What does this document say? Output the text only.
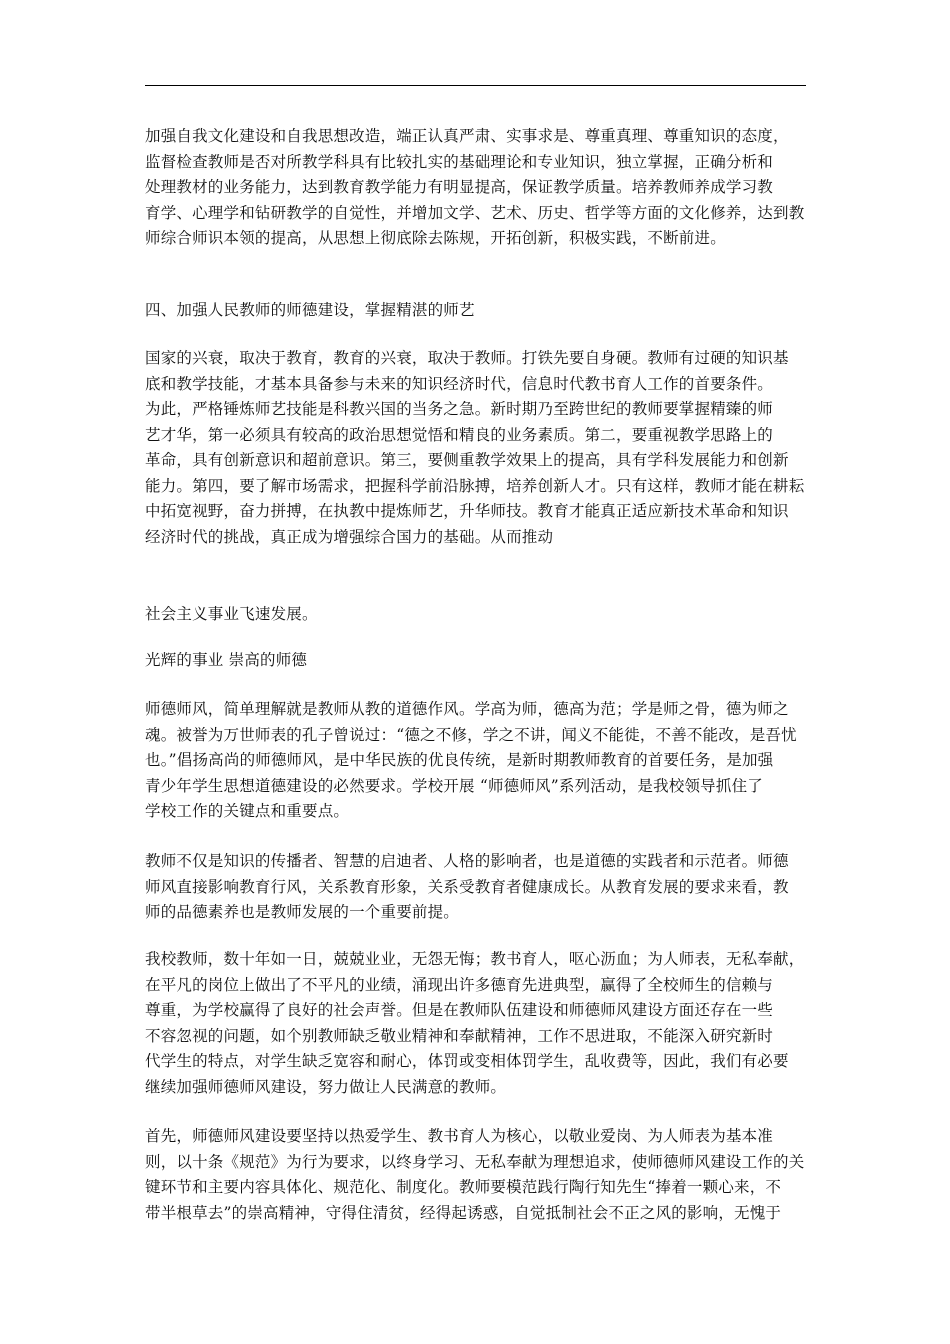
加强自我文化建设和自我思想改造，端正认真严肃、实事求是、尊重真理、尊重知识的态度，
监督检查教师是否对所教学科具有比较扎实的基础理论和专业知识，独立掌握，正确分析和
处理教材的业务能力，达到教育教学能力有明显提高，保证教学质量。培养教师养成学习教
育学、心理学和钻研教学的自觉性，并增加文学、艺术、历史、哲学等方面的文化修养，达到教
师综合师识本领的提高，从思想上彻底除去陈规，开拓创新，积极实践，不断前进。
四、加强人民教师的师德建设，掌握精湛的师艺
国家的兴衰，取决于教育，教育的兴衰，取决于教师。打铁先要自身硬。教师有过硬的知识基
底和教学技能，才基本具备参与未来的知识经济时代，信息时代教书育人工作的首要条件。
为此，严格锤炼师艺技能是科教兴国的当务之急。新时期乃至跨世纪的教师要掌握精臻的师
艺才华，第一必须具有较高的政治思想觉悟和精良的业务素质。第二，要重视教学思路上的
革命，具有创新意识和超前意识。第三，要侧重教学效果上的提高，具有学科发展能力和创新
能力。第四，要了解市场需求，把握科学前沿脉搏，培养创新人才。只有这样，教师才能在耕耘
中拓宽视野，奋力拼搏，在执教中提炼师艺，升华师技。教育才能真正适应新技术革命和知识
经济时代的挑战，真正成为增强综合国力的基础。从而推动
社会主义事业飞速发展。
光辉的事业 崇高的师德
师德师风，简单理解就是教师从教的道德作风。学高为师，德高为范；学是师之骨，德为师之
魂。被誉为万世师表的孔子曾说过：“德之不修，学之不讲，闻义不能徙，不善不能改，是吾忧
也。”倡扬高尚的师德师风，是中华民族的优良传统，是新时期教师教育的首要任务，是加强
青少年学生思想道德建设的必然要求。学校开展 “师德师风”系列活动，是我校领导抓住了
学校工作的关键点和重要点。
教师不仅是知识的传播者、智慧的启迪者、人格的影响者，也是道德的实践者和示范者。师德
师风直接影响教育行风，关系教育形象，关系受教育者健康成长。从教育发展的要求来看，教
师的品德素养也是教师发展的一个重要前提。
我校教师，数十年如一日，兢兢业业，无怨无悔；教书育人，呕心沥血；为人师表，无私奉献，
在平凡的岗位上做出了不平凡的业绩，涌现出许多德育先进典型，赢得了全校师生的信赖与
尊重，为学校赢得了良好的社会声誉。但是在教师队伍建设和师德师风建设方面还存在一些
不容忽视的问题，如个别教师缺乏敬业精神和奉献精神，工作不思进取，不能深入研究新时
代学生的特点，对学生缺乏宽容和耐心，体罚或变相体罚学生，乱收费等，因此，我们有必要
继续加强师德师风建设，努力做让人民满意的教师。
首先，师德师风建设要坚持以热爱学生、教书育人为核心，以敬业爱岗、为人师表为基本准
则，以十条《规范》为行为要求，以终身学习、无私奉献为理想追求，使师德师风建设工作的关
键环节和主要内容具体化、规范化、制度化。教师要模范践行陶行知先生“捧着一颗心来，不
带半根草去”的崇高精神，守得住清贫，经得起诱惑，自觉抵制社会不正之风的影响，无愧于
